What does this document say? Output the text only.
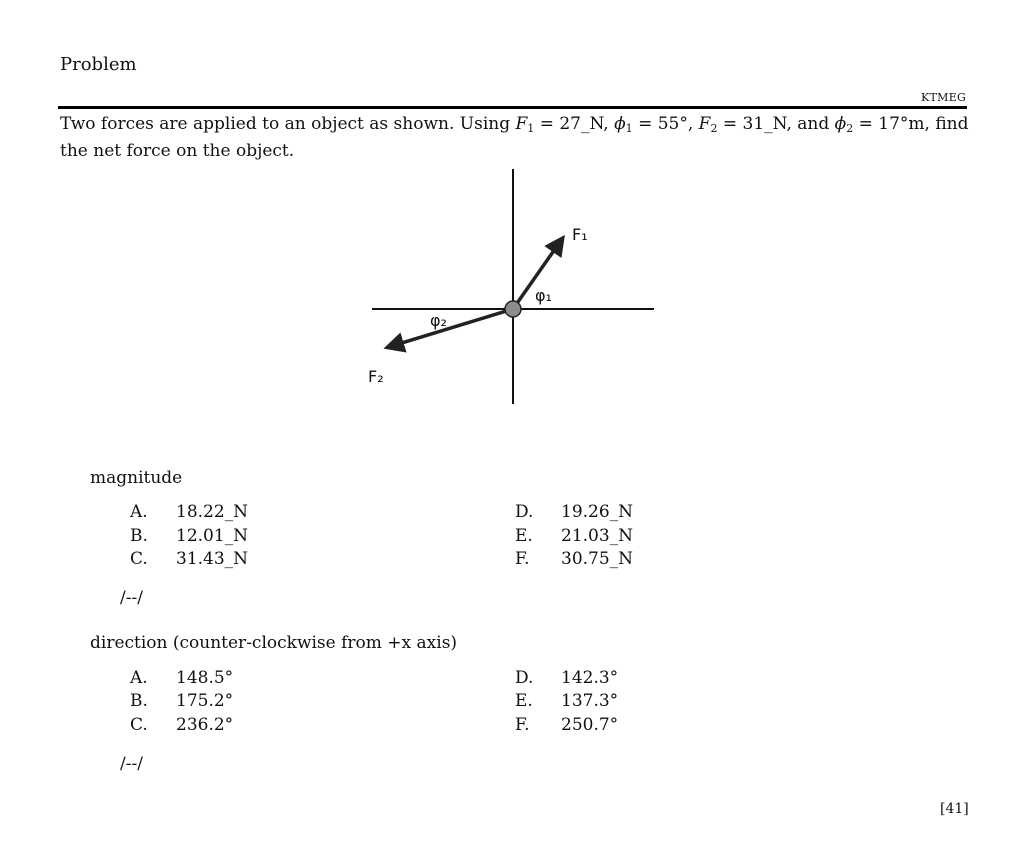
Problem
KTMEG
Two forces are applied to an object as shown. Using $F_1$ = 27_N, $\phi_1 = 55^\circ$, $F_2$ = 31_N, and $\phi_2 = 17^\circ m$, find
the net force on the object.
F₁
φ₁
φ₂
F₂
magnitude
A. 18.22_N
B. 12.01_N
C. 31.43_N
D. 19.26_N
E. 21.03_N
F. 30.75_N
/--/
direction (counter-clockwise from +x axis)
A. 148.5°
B. 175.2°
C. 236.2°
D. 142.3°
E. 137.3°
F. 250.7°
/--/
[41]
